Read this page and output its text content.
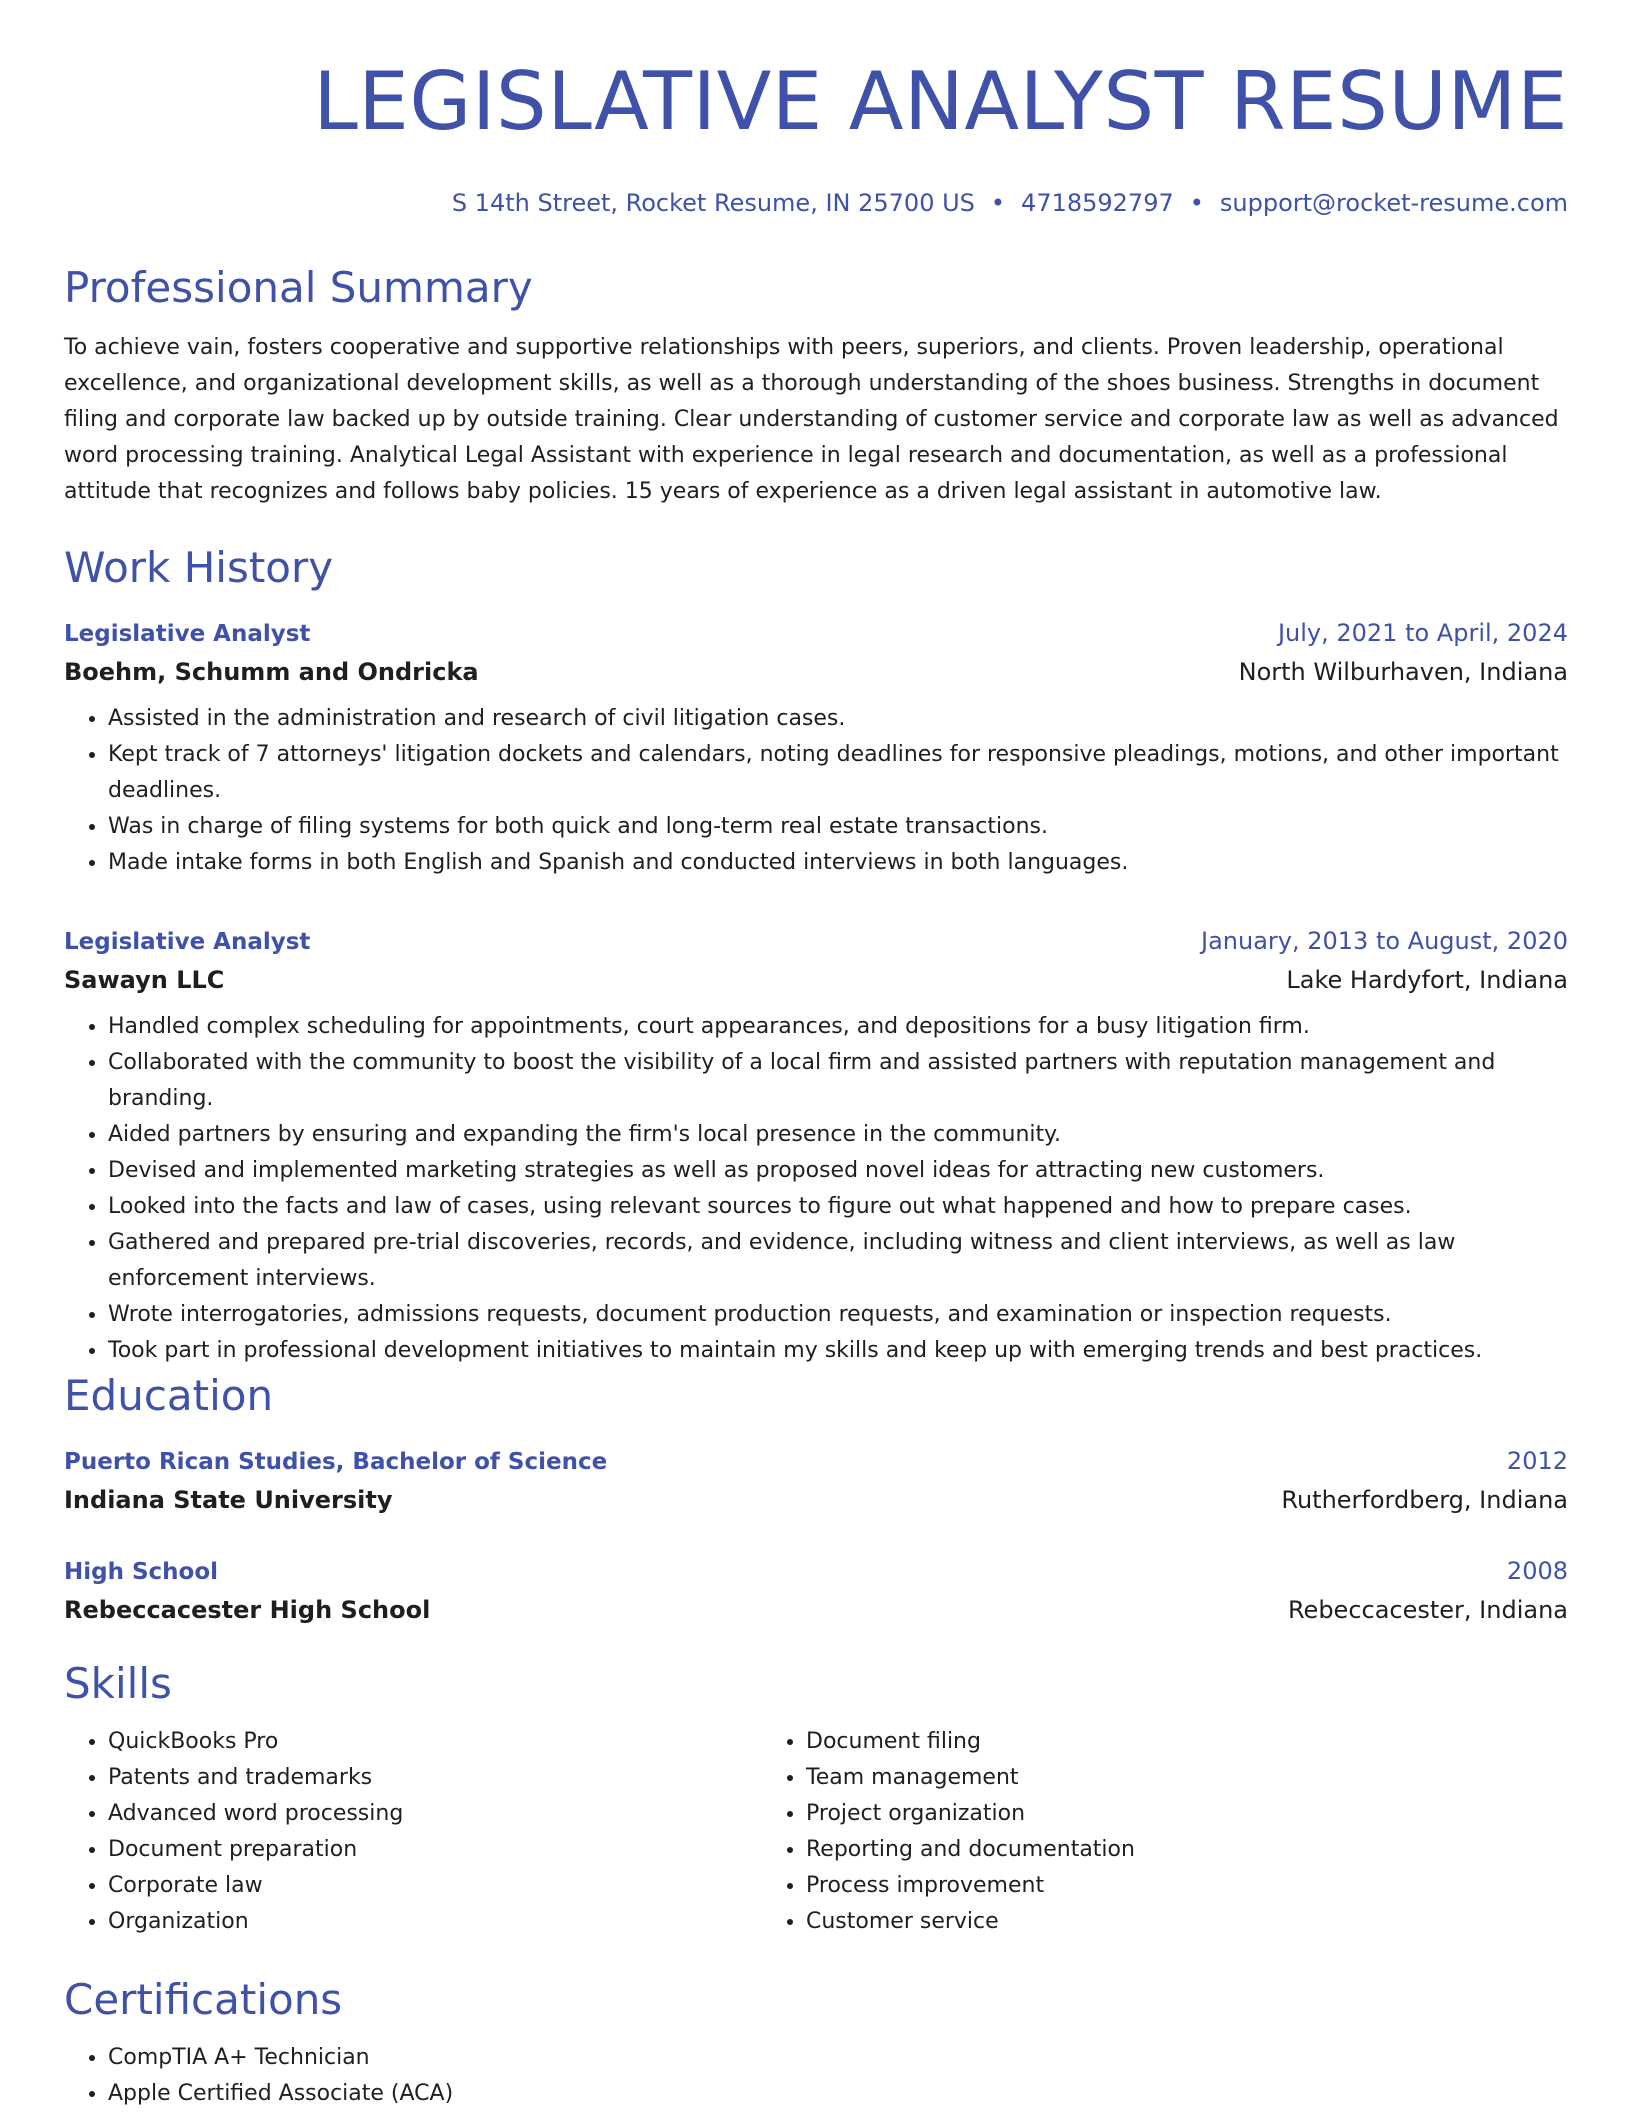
LEGISLATIVE ANALYST RESUME
S 14th Street, Rocket Resume, IN 25700 US • 4718592797 • support@rocket-resume.com
Professional Summary

To achieve vain, fosters cooperative and supportive relationships with peers, superiors, and clients. Proven leadership, operational excellence, and organizational development skills, as well as a thorough understanding of the shoes business. Strengths in document filing and corporate law backed up by outside training. Clear understanding of customer service and corporate law as well as advanced word processing training. Analytical Legal Assistant with experience in legal research and documentation, as well as a professional attitude that recognizes and follows baby policies. 15 years of experience as a driven legal assistant in automotive law.

Work History
Legislative Analyst	July, 2021 to April, 2024
Boehm, Schumm and Ondricka	North Wilburhaven, Indiana
• Assisted in the administration and research of civil litigation cases.
• Kept track of 7 attorneys' litigation dockets and calendars, noting deadlines for responsive pleadings, motions, and other important deadlines.
• Was in charge of filing systems for both quick and long-term real estate transactions.
• Made intake forms in both English and Spanish and conducted interviews in both languages.
Legislative Analyst	January, 2013 to August, 2020
Sawayn LLC	Lake Hardyfort, Indiana
• Handled complex scheduling for appointments, court appearances, and depositions for a busy litigation firm.
• Collaborated with the community to boost the visibility of a local firm and assisted partners with reputation management and branding.
• Aided partners by ensuring and expanding the firm's local presence in the community.
• Devised and implemented marketing strategies as well as proposed novel ideas for attracting new customers.
• Looked into the facts and law of cases, using relevant sources to figure out what happened and how to prepare cases.
• Gathered and prepared pre-trial discoveries, records, and evidence, including witness and client interviews, as well as law enforcement interviews.
• Wrote interrogatories, admissions requests, document production requests, and examination or inspection requests.
• Took part in professional development initiatives to maintain my skills and keep up with emerging trends and best practices.
Education
Puerto Rican Studies, Bachelor of Science	2012
Indiana State University	Rutherfordberg, Indiana
High School	2008
Rebeccacester High School	Rebeccacester, Indiana
Skills
• QuickBooks Pro
• Patents and trademarks
• Advanced word processing
• Document preparation
• Corporate law
• Organization
• Document filing
• Team management
• Project organization
• Reporting and documentation
• Process improvement
• Customer service
Certifications
• CompTIA A+ Technician
• Apple Certified Associate (ACA)
